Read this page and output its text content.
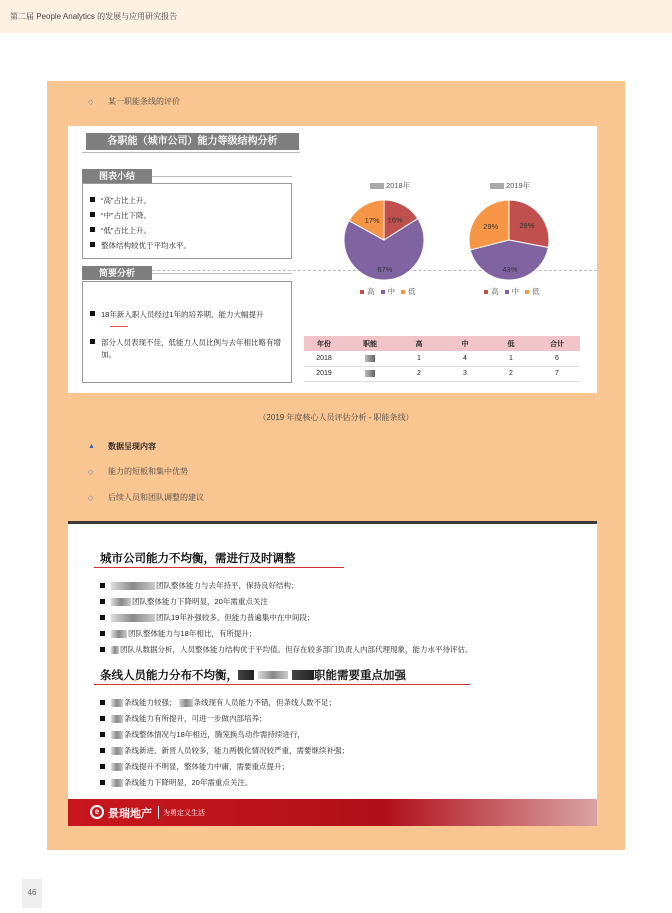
第二届 People Analytics 的发展与应用研究报告
◇	某一职能条线的评价
各职能（城市公司）能力等级结构分析
图表小结
“高”占比上升。
“中”占比下降。
“低”占比上升。
整体结构较优于平均水平。
简要分析
18年新入职人员经过1年的培养期，能力大幅提升
部分人员表现不佳，低能力人员比例与去年相比略有增加。
2018年	2019年
16%
67%
17%
28%
43%
29%
高 中 低	高 中 低
年份	职能	高	中	低	合计
2018		1	4	1	6
2019		2	3	2	7
（2019 年度核心人员评估分析 - 职能条线）
▲	数据呈现内容
◇	能力的短板和集中优势
◇	后续人员和团队调整的建议
城市公司能力不均衡，需进行及时调整
团队整体能力与去年持平，保持良好结构；
团队整体能力下降明显，20年需重点关注
团队19年补强较多，但能力普遍集中在中间段；
团队整体能力与18年相比，有所提升；
团队从数据分析，人员整体能力结构优于平均值。但存在较多部门负责人内部代理现象，能力水平待评估。
条线人员能力分布不均衡，	职能需要重点加强
条线能力较强； 条线现有人员能力不错，但条线人数不足；
条线能力有所提升，可进一步做内部培养；
条线整体情况与18年相近，腾笼换鸟动作需持续进行，
条线新进、新晋人员较多，能力两极化情况较严重，需要继续补强；
条线提升不明显，整体能力中庸，需要重点提升；
条线能力下降明显，20年需重点关注。
e 景瑞地产 为勇定义生活
46
